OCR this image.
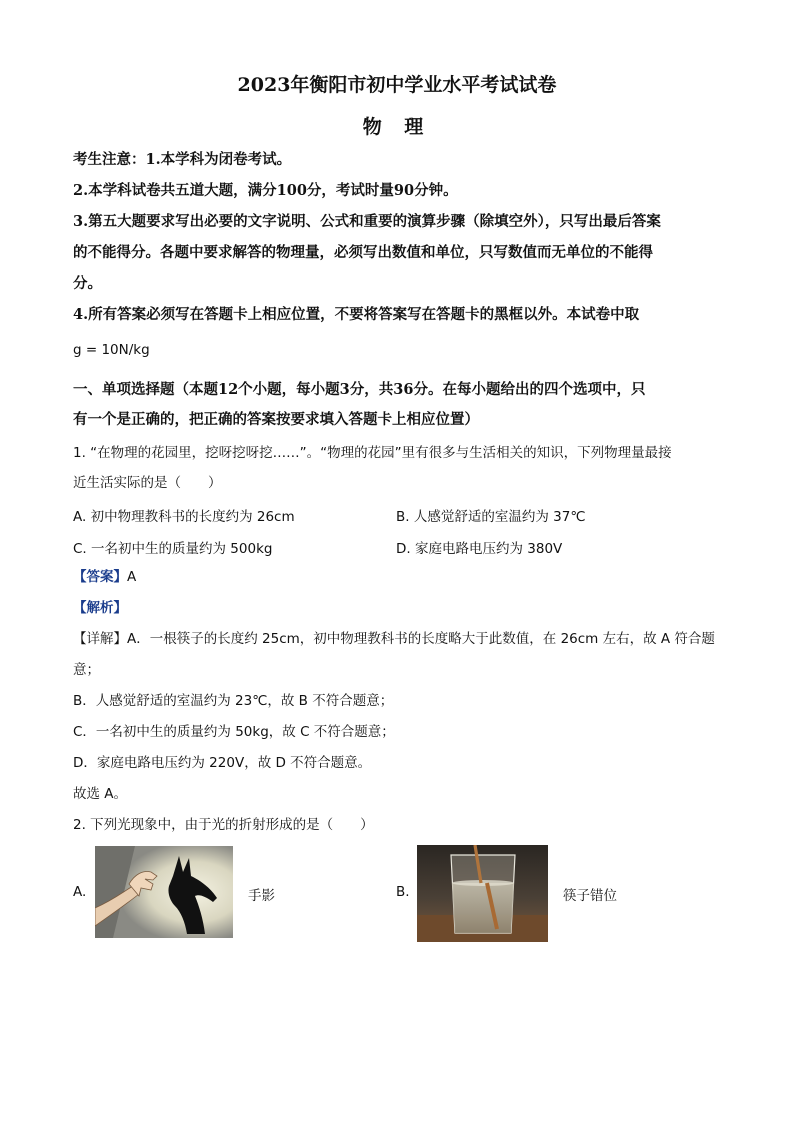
2023年衡阳市初中学业水平考试试卷
物 理
考生注意：1.本学科为闭卷考试。
2.本学科试卷共五道大题，满分100分，考试时量90分钟。
3.第五大题要求写出必要的文字说明、公式和重要的演算步骤（除填空外），只写出最后答案
的不能得分。各题中要求解答的物理量，必须写出数值和单位，只写数值而无单位的不能得
分。
4.所有答案必须写在答题卡上相应位置，不要将答案写在答题卡的黑框以外。本试卷中取
g = 10N/kg
一、单项选择题（本题12个小题，每小题3分，共36分。在每小题给出的四个选项中，只
有一个是正确的，把正确的答案按要求填入答题卡上相应位置）
1. “在物理的花园里，挖呀挖呀挖……”。“物理的花园”里有很多与生活相关的知识，下列物理量最接
近生活实际的是（　　）
A. 初中物理教科书的长度约为 26cm	B. 人感觉舒适的室温约为 37℃
C. 一名初中生的质量约为 500kg	D. 家庭电路电压约为 380V
【答案】A
【解析】
【详解】A．一根筷子的长度约 25cm，初中物理教科书的长度略大于此数值，在 26cm 左右，故 A 符合题
意；
B．人感觉舒适的室温约为 23℃，故 B 不符合题意；
C．一名初中生的质量约为 50kg，故 C 不符合题意；
D．家庭电路电压约为 220V，故 D 不符合题意。
故选 A。
2. 下列光现象中，由于光的折射形成的是（　　）
A.	手影	B.	筷子错位
